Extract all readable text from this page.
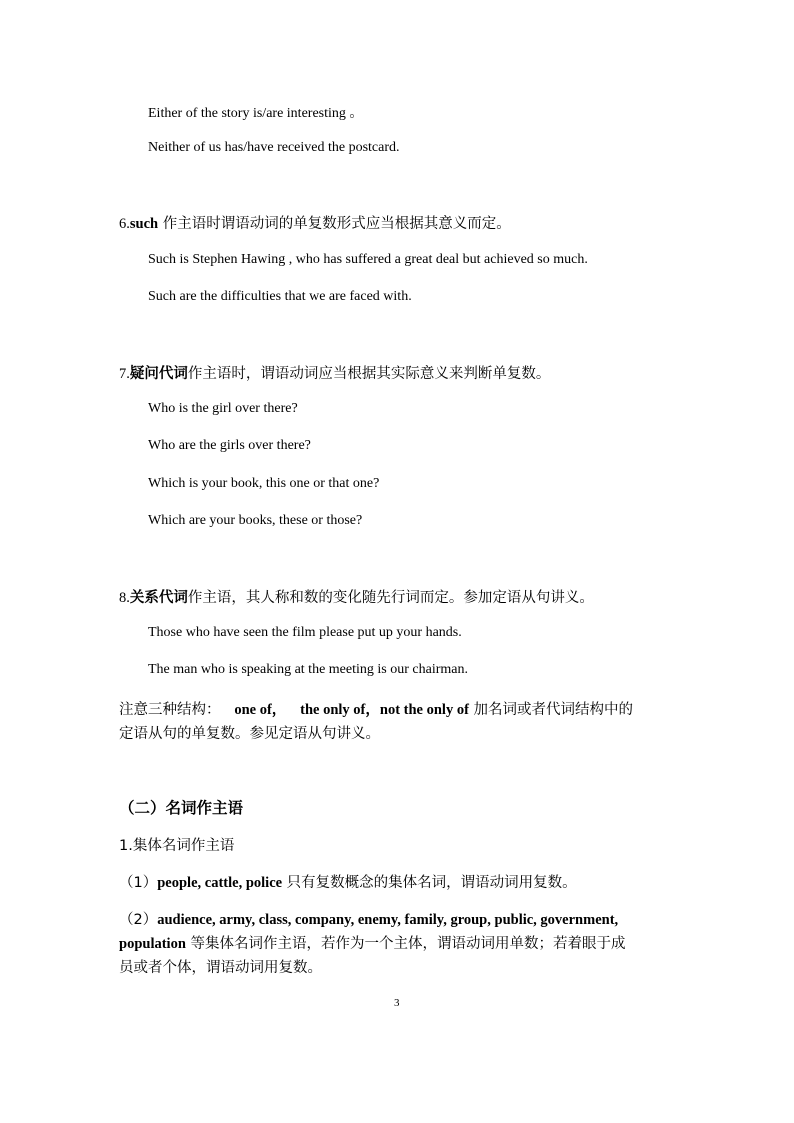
Either of the story is/are interesting 。
Neither of us has/have received the postcard.
6.such 作主语时谓语动词的单复数形式应当根据其意义而定。
Such is Stephen Hawing , who has suffered a great deal but achieved so much.
Such are the difficulties that we are faced with.
7.疑问代词作主语时，谓语动词应当根据其实际意义来判断单复数。
Who is the girl over there?
Who are the girls over there?
Which is your book, this one or that one?
Which are your books, these or those?
8.关系代词作主语，其人称和数的变化随先行词而定。参加定语从句讲义。
Those who have seen the film please put up your hands.
The man who is speaking at the meeting is our chairman.
注意三种结构： one of， the only of，not the only of 加名词或者代词结构中的
定语从句的单复数。参见定语从句讲义。
（二）名词作主语
1.集体名词作主语
（1）people, cattle, police 只有复数概念的集体名词，谓语动词用复数。
（2）audience, army, class, company, enemy, family, group, public, government,
population 等集体名词作主语，若作为一个主体，谓语动词用单数；若着眼于成
员或者个体，谓语动词用复数。
3
